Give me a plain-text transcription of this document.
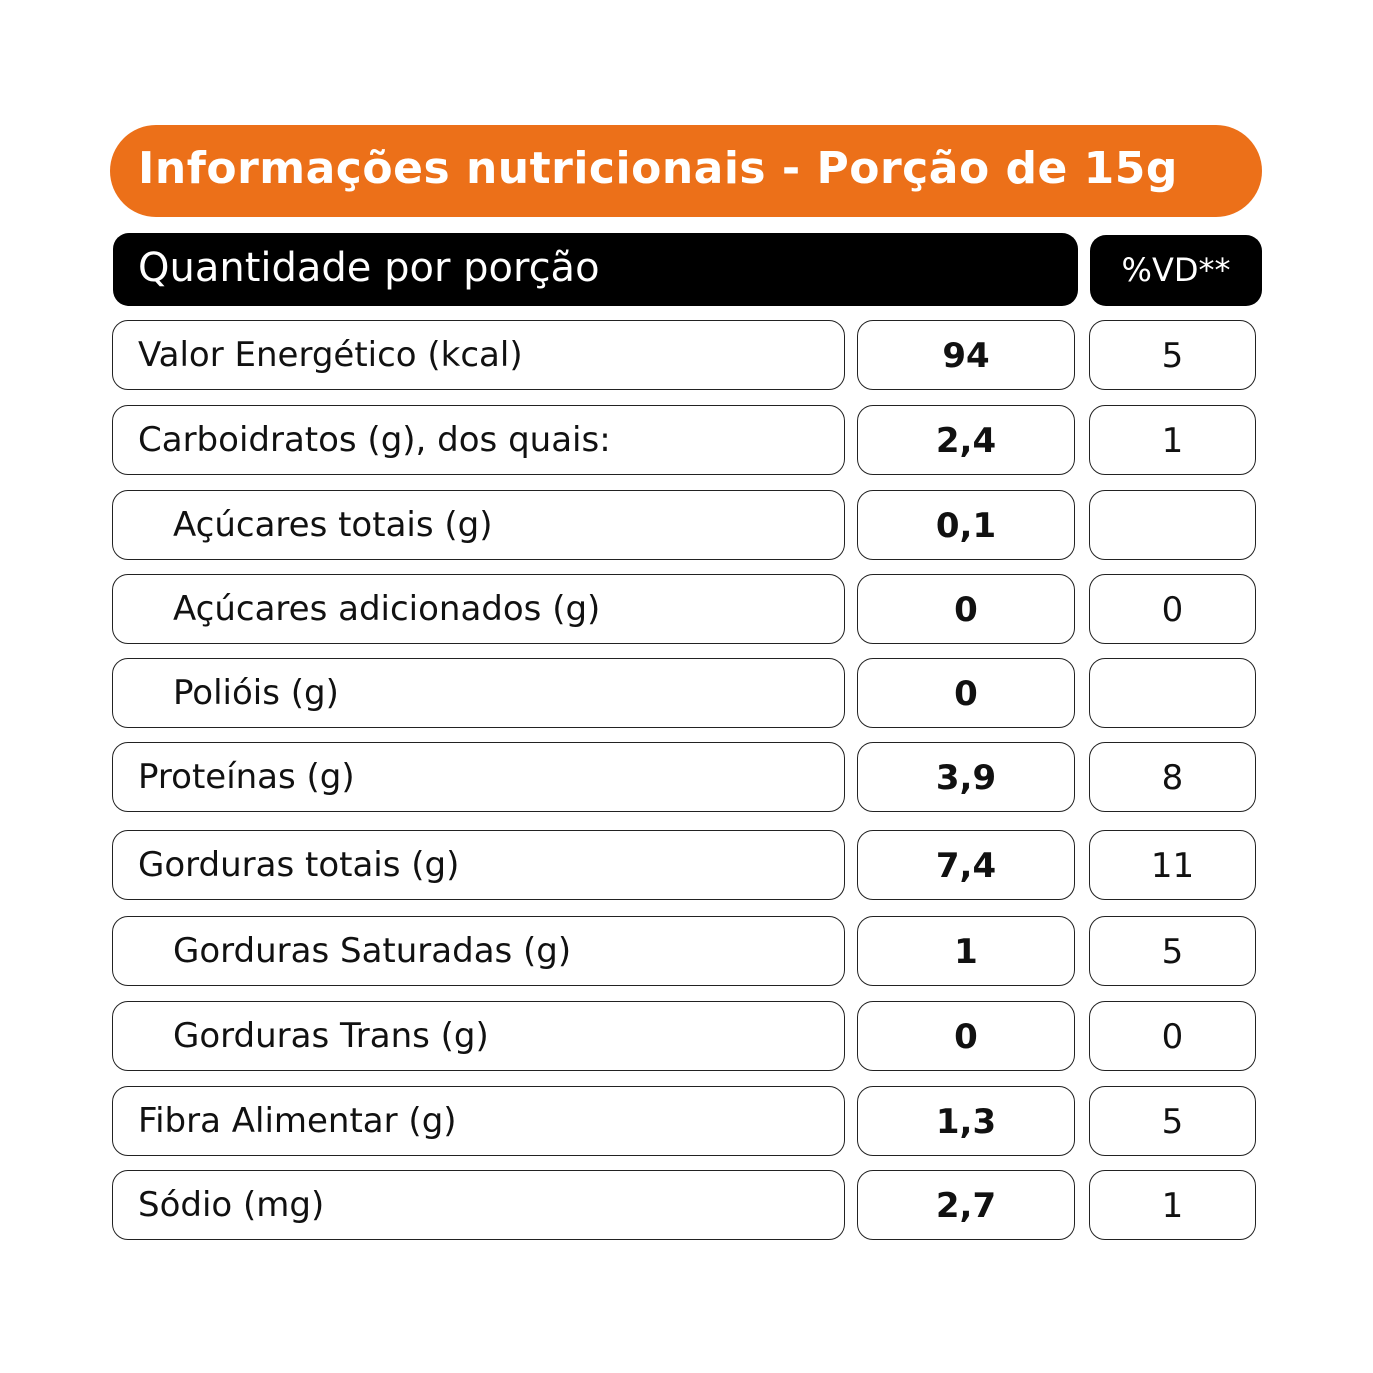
Informações nutricionais - Porção de 15g
Quantidade por porção	%VD**
Valor Energético (kcal)	94	5
Carboidratos (g), dos quais:	2,4	1
Açúcares totais (g)	0,1
Açúcares adicionados (g)	0	0
Polióis (g)	0
Proteínas (g)	3,9	8
Gorduras totais (g)	7,4	11
Gorduras Saturadas (g)	1	5
Gorduras Trans (g)	0	0
Fibra Alimentar (g)	1,3	5
Sódio (mg)	2,7	1
